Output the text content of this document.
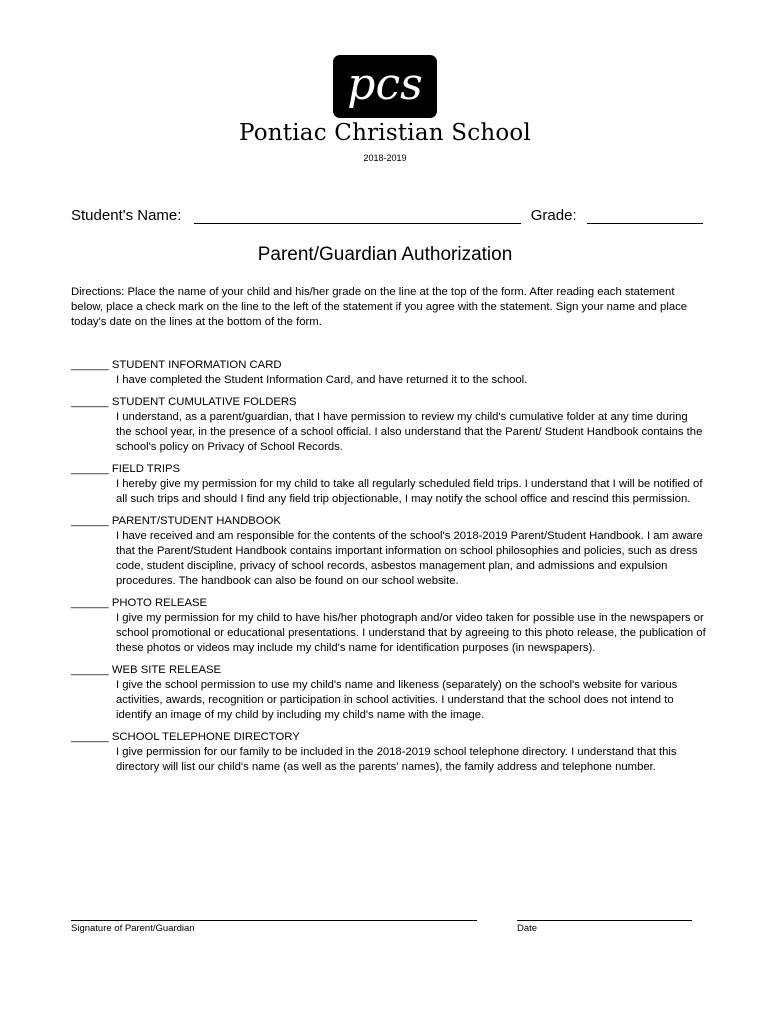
pcs
Pontiac Christian School
2018-2019
Student's Name:	Grade:
Parent/Guardian Authorization
Directions: Place the name of your child and his/her grade on the line at the top of the form. After reading each statement below, place a check mark on the line to the left of the statement if you agree with the statement. Sign your name and place today's date on the lines at the bottom of the form.
______ STUDENT INFORMATION CARD
I have completed the Student Information Card, and have returned it to the school.
______ STUDENT CUMULATIVE FOLDERS
I understand, as a parent/guardian, that I have permission to review my child's cumulative folder at any time during the school year, in the presence of a school official. I also understand that the Parent/ Student Handbook contains the school's policy on Privacy of School Records.
______ FIELD TRIPS
I hereby give my permission for my child to take all regularly scheduled field trips. I understand that I will be notified of all such trips and should I find any field trip objectionable, I may notify the school office and rescind this permission.
______ PARENT/STUDENT HANDBOOK
I have received and am responsible for the contents of the school's 2018-2019 Parent/Student Handbook. I am aware that the Parent/Student Handbook contains important information on school philosophies and policies, such as dress code, student discipline, privacy of school records, asbestos management plan, and admissions and expulsion procedures. The handbook can also be found on our school website.
______ PHOTO RELEASE
I give my permission for my child to have his/her photograph and/or video taken for possible use in the newspapers or school promotional or educational presentations. I understand that by agreeing to this photo release, the publication of these photos or videos may include my child's name for identification purposes (in newspapers).
______ WEB SITE RELEASE
I give the school permission to use my child's name and likeness (separately) on the school's website for various activities, awards, recognition or participation in school activities. I understand that the school does not intend to identify an image of my child by including my child's name with the image.
______ SCHOOL TELEPHONE DIRECTORY
I give permission for our family to be included in the 2018-2019 school telephone directory. I understand that this directory will list our child's name (as well as the parents' names), the family address and telephone number.
Signature of Parent/Guardian	Date
